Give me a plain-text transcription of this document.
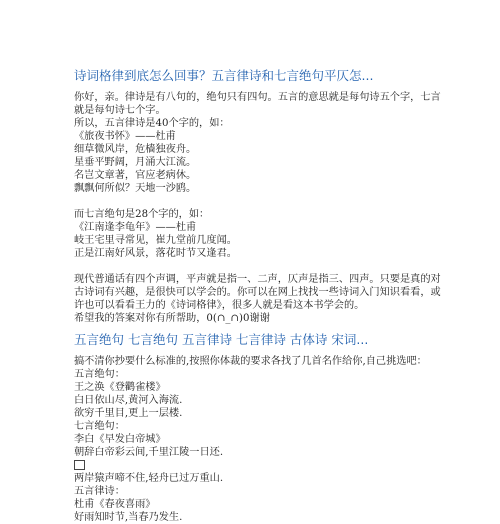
诗词格律到底怎么回事？五言律诗和七言绝句平仄怎...
你好，亲。律诗是有八句的，绝句只有四句。五言的意思就是每句诗五个字，七言
就是每句诗七个字。
所以，五言律诗是40个字的，如：
《旅夜书怀》——杜甫
细草微风岸，危樯独夜舟。
星垂平野阔，月涌大江流。
名岂文章著，官应老病休。
飘飘何所似？天地一沙鸥。
而七言绝句是28个字的，如：
《江南逢李龟年》——杜甫
岐王宅里寻常见，崔九堂前几度闻。
正是江南好风景，落花时节又逢君。
现代普通话有四个声调，平声就是指一、二声，仄声是指三、四声。只要是真的对
古诗词有兴趣，是很快可以学会的。你可以在网上找找一些诗词入门知识看看，或
许也可以看看王力的《诗词格律》，很多人就是看这本书学会的。
希望我的答案对你有所帮助，0(∩_∩)0谢谢
五言绝句 七言绝句 五言律诗 七言律诗 古体诗 宋词...
搞不清你抄要什么标准的,按照你体裁的要求各找了几首名作给你,自己挑选吧：
五言绝句：
王之涣《登鹳雀楼》
白日依山尽,黄河入海流.
欲穷千里目,更上一层楼.
七言绝句：
李白《早发白帝城》
朝辞白帝彩云间,千里江陵一日还.
两岸猿声啼不住,轻舟已过万重山.
五言律诗：
杜甫《春夜喜雨》
好雨知时节,当春乃发生.
